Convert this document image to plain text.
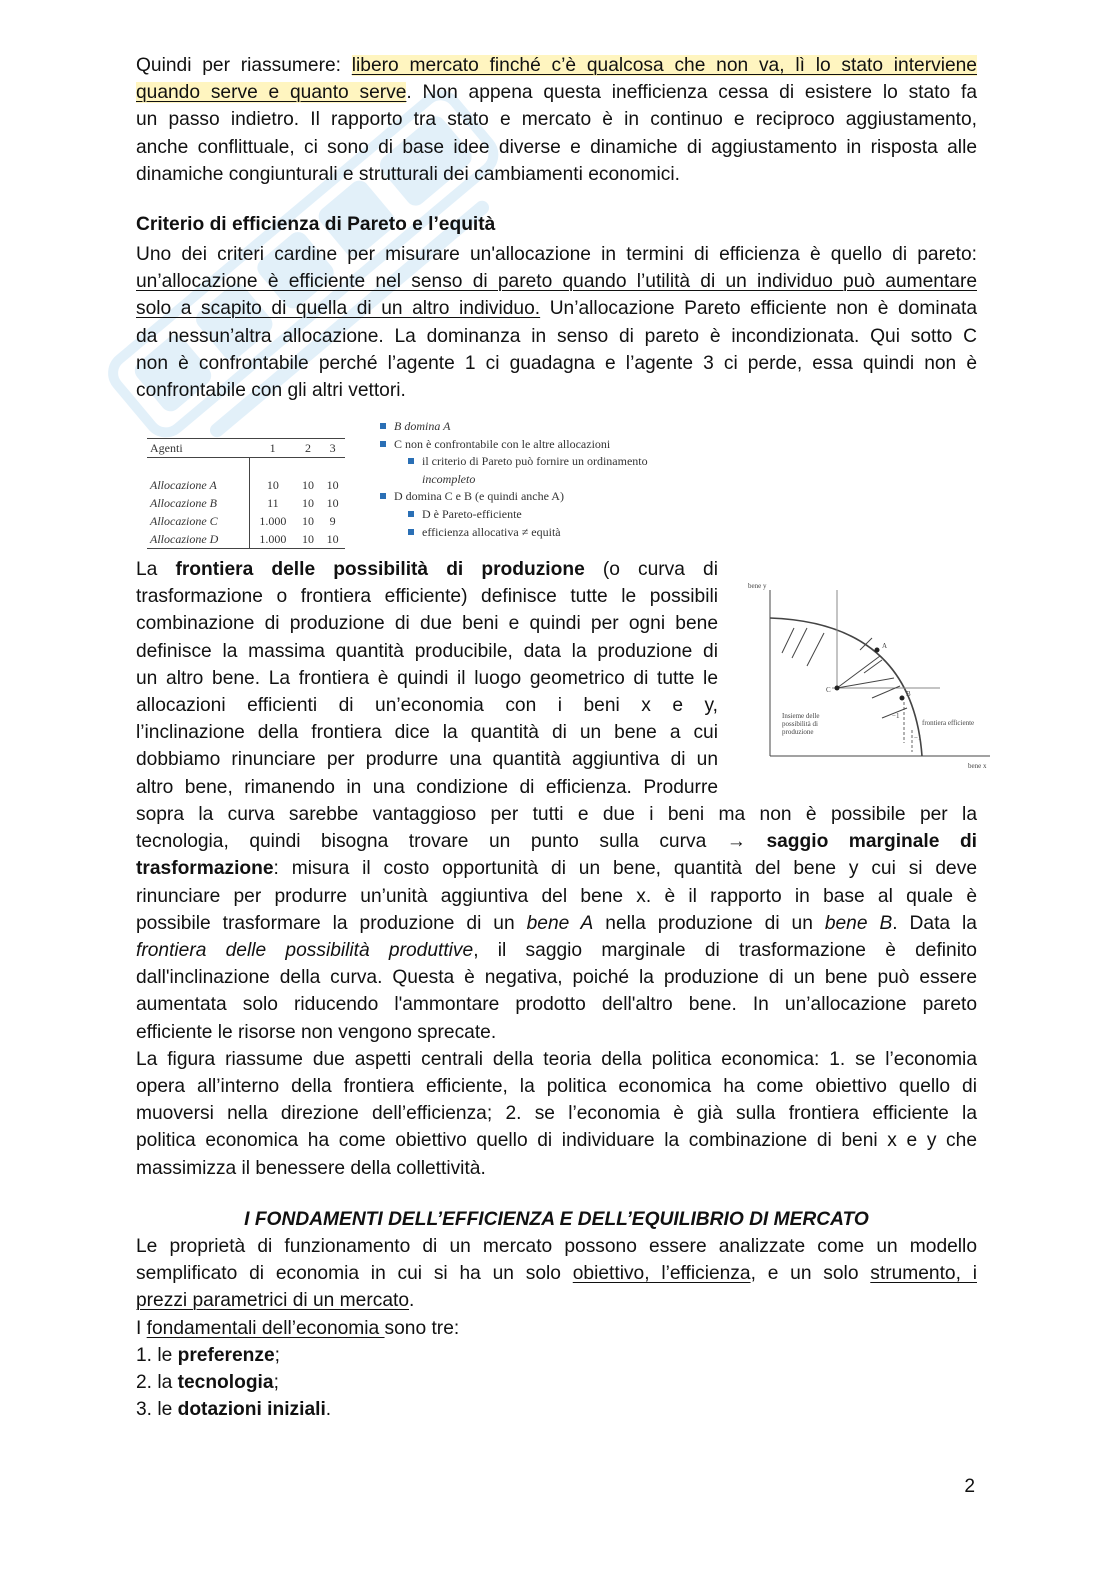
Quindi per riassumere: libero mercato finché c’è qualcosa che non va, lì lo stato interviene

quando serve e quanto serve. Non appena questa inefficienza cessa di esistere lo stato fa

un passo indietro. Il rapporto tra stato e mercato è in continuo e reciproco aggiustamento,

anche conflittuale, ci sono di base idee diverse e dinamiche di aggiustamento in risposta alle

dinamiche congiunturali e strutturali dei cambiamenti economici.

Criterio di efficienza di Pareto e l’equità

Uno dei criteri cardine per misurare un'allocazione in termini di efficienza è quello di pareto:

un’allocazione è efficiente nel senso di pareto quando l’utilità di un individuo può aumentare

solo a scapito di quella di un altro individuo. Un’allocazione Pareto efficiente non è dominata

da nessun’altra allocazione. La dominanza in senso di pareto è incondizionata. Qui sotto C

non è confrontabile perché l’agente 1 ci guadagna e l’agente 3 ci perde, essa quindi non è

confrontabile con gli altri vettori.

Agenti	1	2	3

Allocazione A	10	10	10
Allocazione B	11	10	10
Allocazione C	1.000	10	9
Allocazione D	1.000	10	10
B domina A
C non è confrontabile con le altre allocazioni
il criterio di Pareto può fornire un ordinamento
incompleto
D domina C e B (e quindi anche A)
D è Pareto-efficiente
efficienza allocativa ≠ equità

La frontiera delle possibilità di produzione (o curva di

trasformazione o frontiera efficiente) definisce tutte le possibili

combinazione di produzione di due beni e quindi per ogni bene

definisce la massima quantità producibile, data la produzione di

un altro bene. La frontiera è quindi il luogo geometrico di tutte le

allocazioni efficienti di un’economia con i beni x e y,

l’inclinazione della frontiera dice la quantità di un bene a cui

dobbiamo rinunciare per produrre una quantità aggiuntiva di un

altro bene, rimanendo in una condizione di efficienza. Produrre

sopra la curva sarebbe vantaggioso per tutti e due i beni ma non è possibile per la

tecnologia, quindi bisogna trovare un punto sulla curva → saggio marginale di

trasformazione: misura il costo opportunità di un bene, quantità del bene y cui si deve

rinunciare per produrre un’unità aggiuntiva del bene x. è il rapporto in base al quale è

possibile trasformare la produzione di un bene A nella produzione di un bene B. Data la

frontiera delle possibilità produttive, il saggio marginale di trasformazione è definito

dall'inclinazione della curva. Questa è negativa, poiché la produzione di un bene può essere

aumentata solo riducendo l'ammontare prodotto dell'altro bene. In un’allocazione pareto

efficiente le risorse non vengono sprecate.

La figura riassume due aspetti centrali della teoria della politica economica: 1. se l’economia

opera all’interno della frontiera efficiente, la politica economica ha come obiettivo quello di

muoversi nella direzione dell’efficienza; 2. se l’economia è già sulla frontiera efficiente la

politica economica ha come obiettivo quello di individuare la combinazione di beni x e y che

massimizza il benessere della collettività.

bene y
bene x
A
B
C
Insieme delle
possibilità di
produzione
frontiera efficiente
−1
−1
I FONDAMENTI DELL’EFFICIENZA E DELL’EQUILIBRIO DI MERCATO

Le proprietà di funzionamento di un mercato possono essere analizzate come un modello

semplificato di economia in cui si ha un solo obiettivo, l’efficienza, e un solo strumento, i

prezzi parametrici di un mercato.

I fondamentali dell’economia sono tre:

1. le preferenze;

2. la tecnologia;

3. le dotazioni iniziali.

2
